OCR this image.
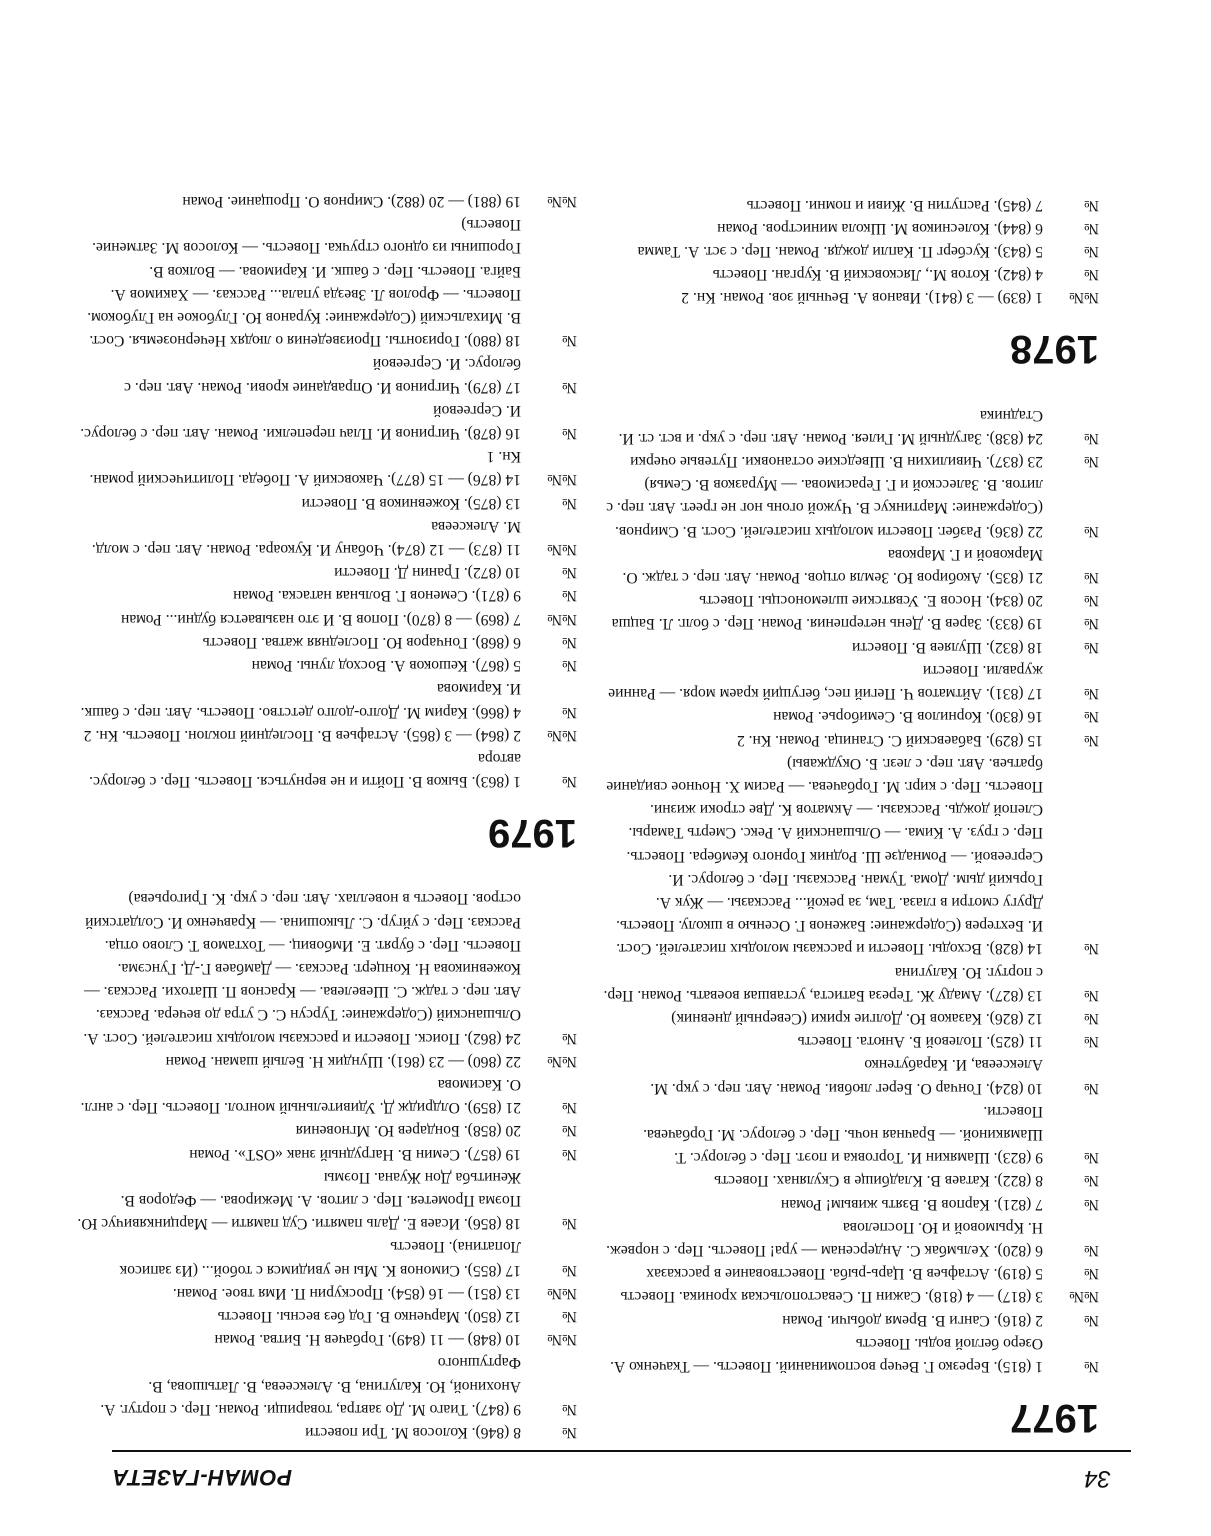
34
РОМАН-ГАЗЕТА
1977
№
1 (815). Березко Г. Вечер воспоминаний. Повесть. — Ткаченко А. Озеро беглой воды. Повесть
№
2 (816). Санги В. Время добычи. Роман
№№
3 (817) — 4 (818). Сажин П. Севастопольская хроника. Повесть
№
5 (819). Астафьев В. Царь-рыба. Повествование в рассказах
№
6 (820). Хельмбак С. Андерсенам — ура! Повесть. Пер. с норвеж. Н. Крымовой и Ю. Поспелова
№
7 (821). Карпов В. Взять живым! Роман
№
8 (822). Катаев В. Кладбище в Скулянах. Повесть
№
9 (823). Шамякин И. Торговка и поэт. Пер. с белорус. Т. Шамякиной. — Брачная ночь. Пер. с белорус. М. Горбачева. Повести.
№
10 (824). Гончар О. Берег любви. Роман. Авт. пер. с укр. М. Алексеева, И. Карабутенко
№
11 (825). Полевой Б. Анюта. Повесть
№
12 (826). Казаков Ю. Долгие крики (Северный дневник)
№
13 (827). Амаду Ж. Тереза Батиста, уставшая воевать. Роман. Пер. с португ. Ю. Калугина
№
14 (828). Всходы. Повести и рассказы молодых писателей. Сост. И. Бехтерев (Содержание: Баженов Г. Осенью в школу. Повесть. Другу смотри в глаза. Там, за рекой... Рассказы. — Жук А. Горький дым. Дома. Туман. Рассказы. Пер. с белорус. И. Сергеевой. — Ромнадзе Ш. Родник Горного Кембера. Повесть. Пер. с груз. А. Кима. — Ольшанский А. Рекс. Смерть Тамары. Слепой дождь. Рассказы. — Акматов К. Две строки жизни. Повесть. Пер. с кирг. М. Горбачева. — Расим Х. Ночное свидание братьев. Авт. пер. с лезг. Б. Окуджавы)
№
15 (829). Бабаевский С. Станица. Роман. Кн. 2
№
16 (830). Корнилов В. Семиборье. Роман
№
17 (831). Айтматов Ч. Пегий пес, бегущий краем моря. — Ранние журавли. Повести
№
18 (832). Шуляев В. Повести
№
19 (833). Зарев В. День нетерпения. Роман. Пер. с болг. Л. Бацша
№
20 (834). Носов Е. Усвятские шлемоносцы. Повесть
№
21 (835). Акобиров Ю. Земля отцов. Роман. Авт. пер. с тадж. О. Марковой и Г. Маркова
№
22 (836). Разбег. Повести молодых писателей. Сост. В. Смирнов. (Содержание: Мартинкус В. Чужой огонь ног не греет. Авт. пер. с литов. В. Залесской и Г. Герасимова. — Муразков В. Семья)
№
23 (837). Чивилихин В. Шведские остановки. Путевые очерки
№
24 (838). Загудный М. Гилея. Роман. Авт. пер. с укр. и вст. ст. И. Стадника
1978
№№
1 (839) — 3 (841). Иванов А. Вечный зов. Роман. Кн. 2
№
4 (842). Котов М., Лясковский В. Курган. Повесть
№
5 (843). Кусберг П. Капли дождя. Роман. Пер. с эст. А. Тамма
№
6 (844). Колесников М. Школа министров. Роман
№
7 (845). Распутин В. Живи и помни. Повесть
№
8 (846). Колосов М. Три повести
№
9 (847). Тиаго М. До завтра, товарищи. Роман. Пер. с португ. А. Анохиной, Ю. Калугина, В. Алексеева, В. Латышова, В. Фартушного
№№
10 (848) — 11 (849). Горбачев Н. Битва. Роман
№
12 (850). Марченко В. Год без весны. Повесть
№№
13 (851) — 16 (854). Проскурин П. Имя твое. Роман.
№
17 (855). Симонов К. Мы не увидимся с тобой... (Из записок Лопатина). Повесть
№
18 (856). Исаев Е. Даль памяти. Суд памяти — Марцинкявичус Ю. Поэма Прометея. Пер. с литов. А. Межирова. — Федоров В. Женитьба Дон Жуана. Поэмы
№
19 (857). Семин В. Нагрудный знак «OST». Роман
№
20 (858). Бондарев Ю. Мгновения
№
21 (859). Олдридж Д. Удивительный монгол. Повесть. Пер. с англ. О. Касимова
№№
22 (860) — 23 (861). Шундик Н. Белый шаман. Роман
№
24 (862). Поиск. Повести и рассказы молодых писателей. Сост. А. Ольшанский (Содержание: Турсун С. С утра до вечера. Рассказ. Авт. пер. с тадж. С. Шевелева. — Краснов П. Шатохи. Рассказ. — Кожевникова Н. Концерт. Рассказ. — Дамбаев Г.-Д. Гунсэма. Повесть. Пер. с бурят. Е. Имбовиц. — Тохтамов Т. Слово отца. Рассказ. Пер. с уйгур. С. Лыкошина. — Кравченко И. Солдатский остров. Повесть в новеллах. Авт. пер. с укр. К. Григорьева)
1979
№
1 (863). Быков В. Пойти и не вернуться. Повесть. Пер. с белорус. автора
№№
2 (864) — 3 (865). Астафьев В. Последний поклон. Повесть. Кн. 2
№
4 (866). Карим М. Долго-долго детство. Повесть. Авт. пер. с башк. И. Каримова
№
5 (867). Кешоков А. Восход луны. Роман
№
6 (868). Гончаров Ю. Последняя жатва. Повесть
№№
7 (869) — 8 (870). Попов В. И это называется будни... Роман
№
9 (871). Семенов Г. Вольная натаска. Роман
№
10 (872). Гранин Д. Повести
№№
11 (873) — 12 (874). Чобану И. Кукоара. Роман. Авт. пер. с молд. М. Алексеева
№
13 (875). Кожевников В. Повести
№№
14 (876) — 15 (877). Чаковский А. Победа. Политический роман. Кн. 1
№
16 (878). Чигринов И. Плач перепелки. Роман. Авт. пер. с белорус. И. Сергеевой
№
17 (879). Чигринов И. Оправдание крови. Роман. Авт. пер. с белорус. И. Сергеевой
№
18 (880). Горизонты. Произведения о людях Нечерноземья. Сост. В. Михальский (Содержание: Куранов Ю. Глубокое на Глубоком. Повесть. — Фролов Л. Звезда упала... Рассказ. — Хакимов А. Байга. Повесть. Пер. с башк. И. Каримова. — Волков В. Горошины из одного стручка. Повесть. — Колосов М. Затмение. Повесть)
№№
19 (881) — 20 (882). Смирнов О. Прощание. Роман
